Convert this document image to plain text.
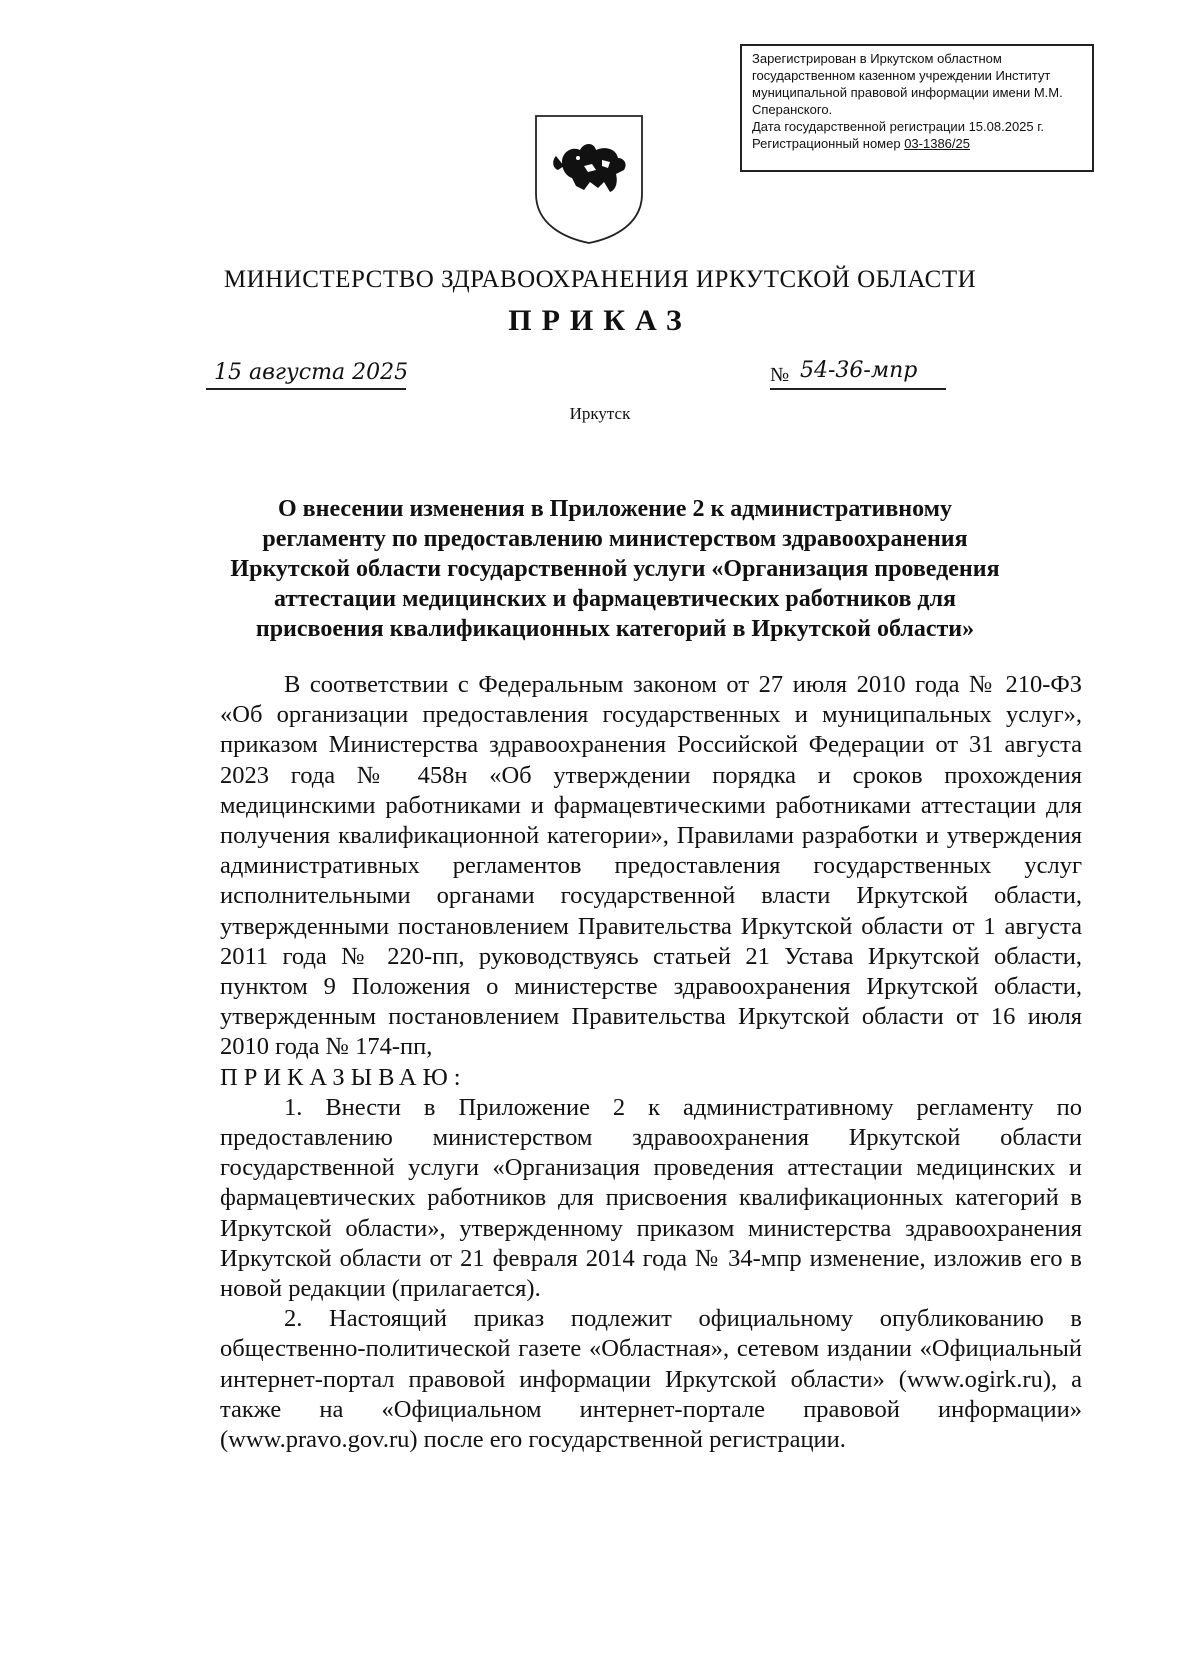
Зарегистрирован в Иркутском областном
государственном казенном учреждении Институт
муниципальной правовой информации имени М.М.
Сперанского.
Дата государственной регистрации 15.08.2025 г.
Регистрационный номер 03-1386/25
МИНИСТЕРСТВО ЗДРАВООХРАНЕНИЯ ИРКУТСКОЙ ОБЛАСТИ
ПРИКАЗ
15 августа 2025	№ 54-36-мпр
Иркутск
О внесении изменения в Приложение 2 к административному
регламенту по предоставлению министерством здравоохранения
Иркутской области государственной услуги «Организация проведения
аттестации медицинских и фармацевтических работников для
присвоения квалификационных категорий в Иркутской области»

В соответствии с Федеральным законом от 27 июля 2010 года № 210-ФЗ «Об организации предоставления государственных и муниципальных услуг», приказом Министерства здравоохранения Российской Федерации от 31 августа 2023 года № 458н «Об утверждении порядка и сроков прохождения медицинскими работниками и фармацевтическими работниками аттестации для получения квалификационной категории», Правилами разработки и утверждения административных регламентов предоставления государственных услуг исполнительными органами государственной власти Иркутской области, утвержденными постановлением Правительства Иркутской области от 1 августа 2011 года № 220-пп, руководствуясь статьей 21 Устава Иркутской области, пунктом 9 Положения о министерстве здравоохранения Иркутской области, утвержденным постановлением Правительства Иркутской области от 16 июля 2010 года № 174-пп,

ПРИКАЗЫВАЮ:

1. Внести в Приложение 2 к административному регламенту по предоставлению министерством здравоохранения Иркутской области государственной услуги «Организация проведения аттестации медицинских и фармацевтических работников для присвоения квалификационных категорий в Иркутской области», утвержденному приказом министерства здравоохранения Иркутской области от 21 февраля 2014 года № 34-мпр изменение, изложив его в новой редакции (прилагается).

2. Настоящий приказ подлежит официальному опубликованию в общественно-политической газете «Областная», сетевом издании «Официальный интернет-портал правовой информации Иркутской области» (www.ogirk.ru), а также на «Официальном интернет-портале правовой информации» (www.pravo.gov.ru) после его государственной регистрации.
